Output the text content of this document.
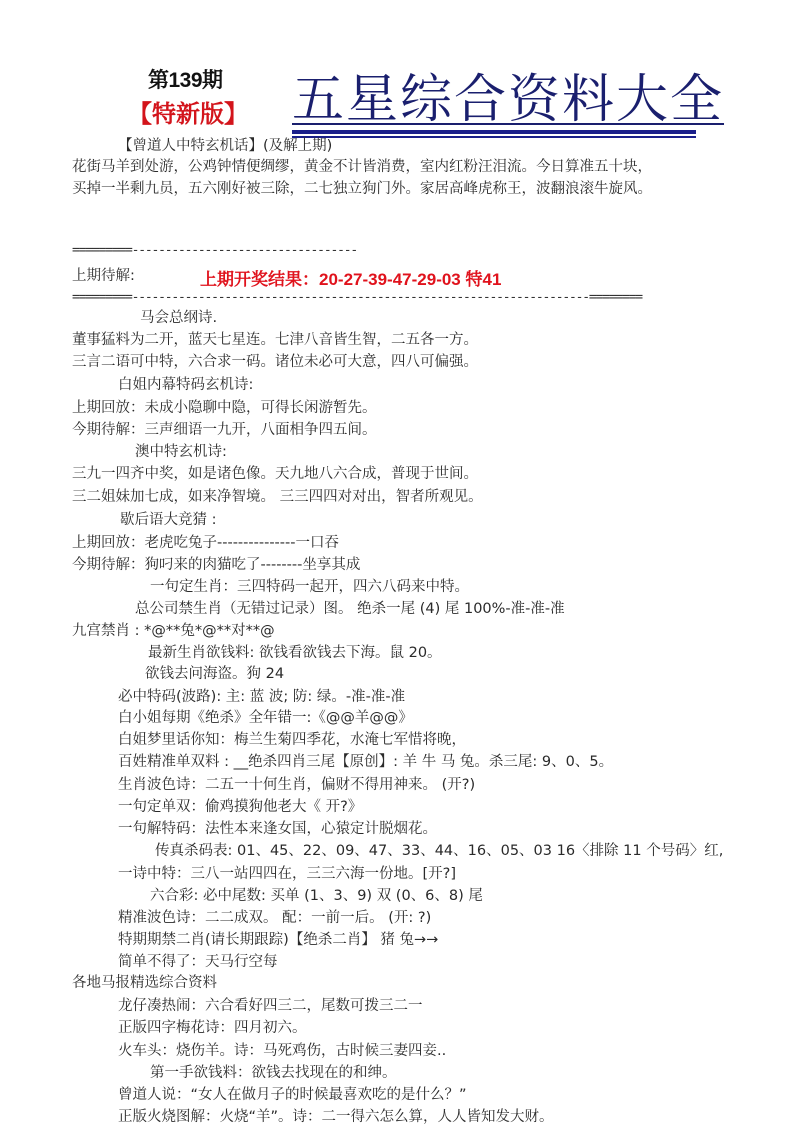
第139期
【特新版】 五星综合资料大全
【曾道人中特玄机话】(及解上期)
花街马羊到处游，公鸡钟情便绸缪，黄金不计皆消费，室内红粉汪泪流。今日算准五十块，
买掉一半剩九员，五六刚好被三除，二七独立狗门外。家居高峰虎称王，波翻浪滚牛旋风。
=========----------------------------------
上期待解:	上期开奖结果：20-27-39-47-29-03 特41
=========---------------------------------------------------------------------========
马会总纲诗.
董事猛料为二开，蓝天七星连。七津八音皆生智，二五各一方。
三言二语可中特，六合求一码。诸位未必可大意，四八可偏强。
白姐内幕特码玄机诗:
上期回放：未成小隐聊中隐，可得长闲游暂先。
今期待解：三声细语一九开，八面相争四五间。
澳中特玄机诗:
三九一四齐中奖，如是诸色像。天九地八六合成，普现于世间。
三二姐妹加七成，如来净智境。 三三四四对对出，智者所观见。
歇后语大竞猜 :
上期回放：老虎吃兔子---------------一口吞
今期待解：狗叼来的肉猫吃了--------坐享其成
一句定生肖：三四特码一起开，四六八码来中特。
总公司禁生肖（无错过记录）图。 绝杀一尾 (4) 尾 100%-准-准-准
九宫禁肖 : *@**兔*@**对**@
最新生肖欲钱料: 欲钱看欲钱去下海。鼠 20。
欲钱去问海盗。狗 24
必中特码(波路): 主: 蓝 波; 防: 绿。-准-准-准
白小姐每期《绝杀》全年错一:《@@羊@@》
白姐梦里话你知：梅兰生菊四季花，水淹七军惜将晚，
百姓精准单双料 : __绝杀四肖三尾【原创】: 羊 牛 马 兔。杀三尾: 9、0、5。
生肖波色诗：二五一十何生肖，偏财不得用神来。 (开?)
一句定单双：偷鸡摸狗他老大《 开?》
一句解特码：法性本来逢女国，心猿定计脱烟花。
传真杀码表: 01、45、22、09、47、33、44、16、05、03 16〈排除 11 个号码〉红,
一诗中特：三八一站四四在，三三六海一份地。[开?]
六合彩: 必中尾数: 买单 (1、3、9) 双 (0、6、8) 尾
精准波色诗：二二成双。 配：一前一后。 (开: ?)
特期期禁二肖(请长期跟踪)【绝杀二肖】 猪 兔→→
简单不得了：天马行空每
各地马报精选综合资料
龙仔凑热闹：六合看好四三二，尾数可拨三二一
正版四字梅花诗：四月初六。
火车头：烧伤羊。诗：马死鸡伤，古时候三妻四妾..
第一手欲钱料：欲钱去找现在的和绅。
曾道人说：“女人在做月子的时候最喜欢吃的是什么？”
正版火烧图解：火烧“羊”。诗：二一得六怎么算，人人皆知发大财。
